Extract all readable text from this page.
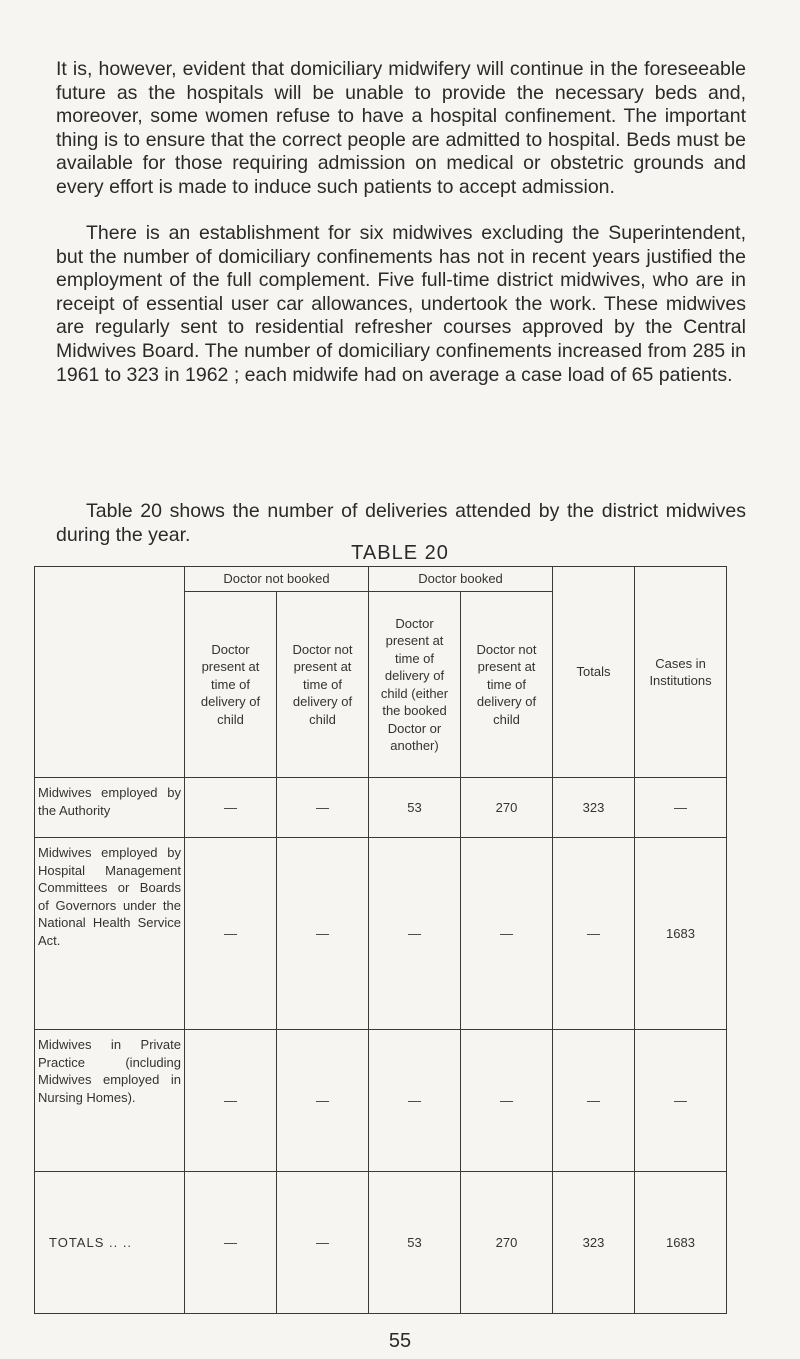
It is, however, evident that domiciliary midwifery will continue in the foreseeable future as the hospitals will be unable to provide the necessary beds and, moreover, some women refuse to have a hospital confinement. The important thing is to ensure that the correct people are admitted to hospital. Beds must be available for those requiring admission on medical or obstetric grounds and every effort is made to induce such patients to accept admission.

There is an establishment for six midwives excluding the Superintendent, but the number of domiciliary confinements has not in recent years justified the employment of the full complement. Five full-time district midwives, who are in receipt of essential user car allowances, undertook the work. These midwives are regularly sent to residential refresher courses approved by the Central Midwives Board. The number of domiciliary confinements increased from 285 in 1961 to 323 in 1962 ; each midwife had on average a case load of 65 patients.

Table 20 shows the number of deliveries attended by the district midwives during the year.

TABLE 20
	Doctor not booked		Doctor booked		Totals	Cases in Institutions
	Doctor present at time of delivery of child	Doctor not present at time of delivery of child	Doctor present at time of delivery of child (either the booked Doctor or another)	Doctor not present at time of delivery of child		
Midwives employed by the Authority	—	—	53	270	323	—
Midwives employed by Hospital Management Committees or Boards of Governors under the National Health Service Act.	—	—	—	—	—	1683
Midwives in Private Practice (including Midwives employed in Nursing Homes).	—	—	—	—	—	—
TOTALS .. ..	—	—	53	270	323	1683
55
